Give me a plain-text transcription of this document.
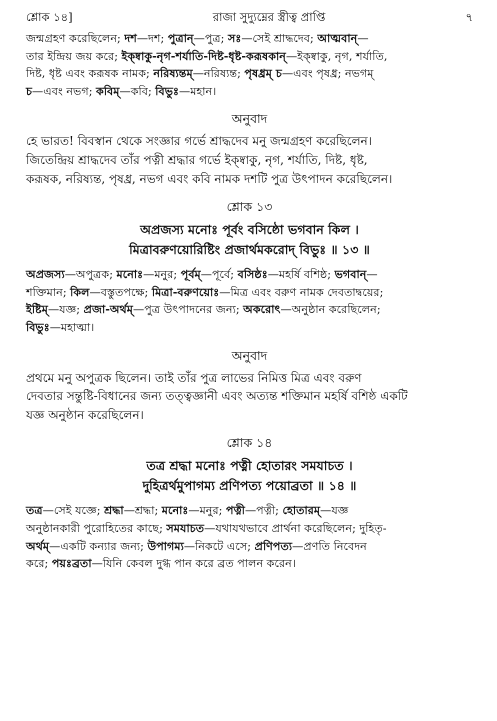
শ্লোক ১৪]	রাজা সুদ্যুম্নের স্ত্রীত্ব প্রাপ্তি	৭
জন্মগ্রহণ করেছিলেন; দশ—দশ; পুত্রান্—পুত্র; সঃ—সেই শ্রাদ্ধদেব; আত্মবান্—
তার ইন্দ্রিয় জয় করে; ইক্ষ্বাকু-নৃগ-শর্যাতি-দিষ্ট-ধৃষ্ট-করূষকান্—ইক্ষ্বাকু, নৃগ, শর্যাতি,
দিষ্ট, ধৃষ্ট এবং করূষক নামক; নরিষ্যন্তম্—নরিষ্যন্ত; পৃষধ্রম্ চ—এবং পৃষধ্র; নভগম্
চ—এবং নভগ; কবিম্—কবি; বিভুঃ—মহান।
অনুবাদ
হে ভারত! বিবস্বান থেকে সংজ্ঞার গর্ভে শ্রাদ্ধদেব মনু জন্মগ্রহণ করেছিলেন।
জিতেন্দ্রিয় শ্রাদ্ধদেব তাঁর পত্নী শ্রদ্ধার গর্ভে ইক্ষ্বাকু, নৃগ, শর্যাতি, দিষ্ট, ধৃষ্ট,
করূষক, নরিষ্যন্ত, পৃষধ্র, নভগ এবং কবি নামক দশটি পুত্র উৎপাদন করেছিলেন।
শ্লোক ১৩
অপ্রজস্য মনোঃ পূর্বং বসিষ্ঠো ভগবান কিল ।
মিত্রাবরুণয়োরিষ্টিং প্রজার্থমকরোদ্ বিভুঃ ॥ ১৩ ॥
অপ্রজস্য—অপুত্রক; মনোঃ—মনুর; পূর্বম্—পূর্বে; বসিষ্ঠঃ—মহর্ষি বশিষ্ঠ; ভগবান্—
শক্তিমান; কিল—বস্তুতপক্ষে; মিত্রা-বরুণয়োঃ—মিত্র এবং বরুণ নামক দেবতাদ্বয়ের;
ইষ্টিম্—যজ্ঞ; প্রজা-অর্থম্—পুত্র উৎপাদনের জন্য; অকরোৎ—অনুষ্ঠান করেছিলেন;
বিভুঃ—মহাত্মা।
অনুবাদ
প্রথমে মনু অপুত্রক ছিলেন। তাই তাঁর পুত্র লাভের নিমিত্ত মিত্র এবং বরুণ
দেবতার সন্তুষ্টি-বিধানের জন্য তত্ত্বজ্ঞানী এবং অত্যন্ত শক্তিমান মহর্ষি বশিষ্ঠ একটি
যজ্ঞ অনুষ্ঠান করেছিলেন।
শ্লোক ১৪
তত্র শ্রদ্ধা মনোঃ পত্নী হোতারং সমযাচত ।
দুহিত্রর্থমুপাগম্য প্রণিপত্য পয়োব্রতা ॥ ১৪ ॥
তত্র—সেই যজ্ঞে; শ্রদ্ধা—শ্রদ্ধা; মনোঃ—মনুর; পত্নী—পত্নী; হোতারম্—যজ্ঞ
অনুষ্ঠানকারী পুরোহিতের কাছে; সমযাচত—যথাযথভাবে প্রার্থনা করেছিলেন; দুহিতৃ-
অর্থম্—একটি কন্যার জন্য; উপাগম্য—নিকটে এসে; প্রণিপত্য—প্রণতি নিবেদন
করে; পয়ঃব্রতা—যিনি কেবল দুগ্ধ পান করে ব্রত পালন করেন।
